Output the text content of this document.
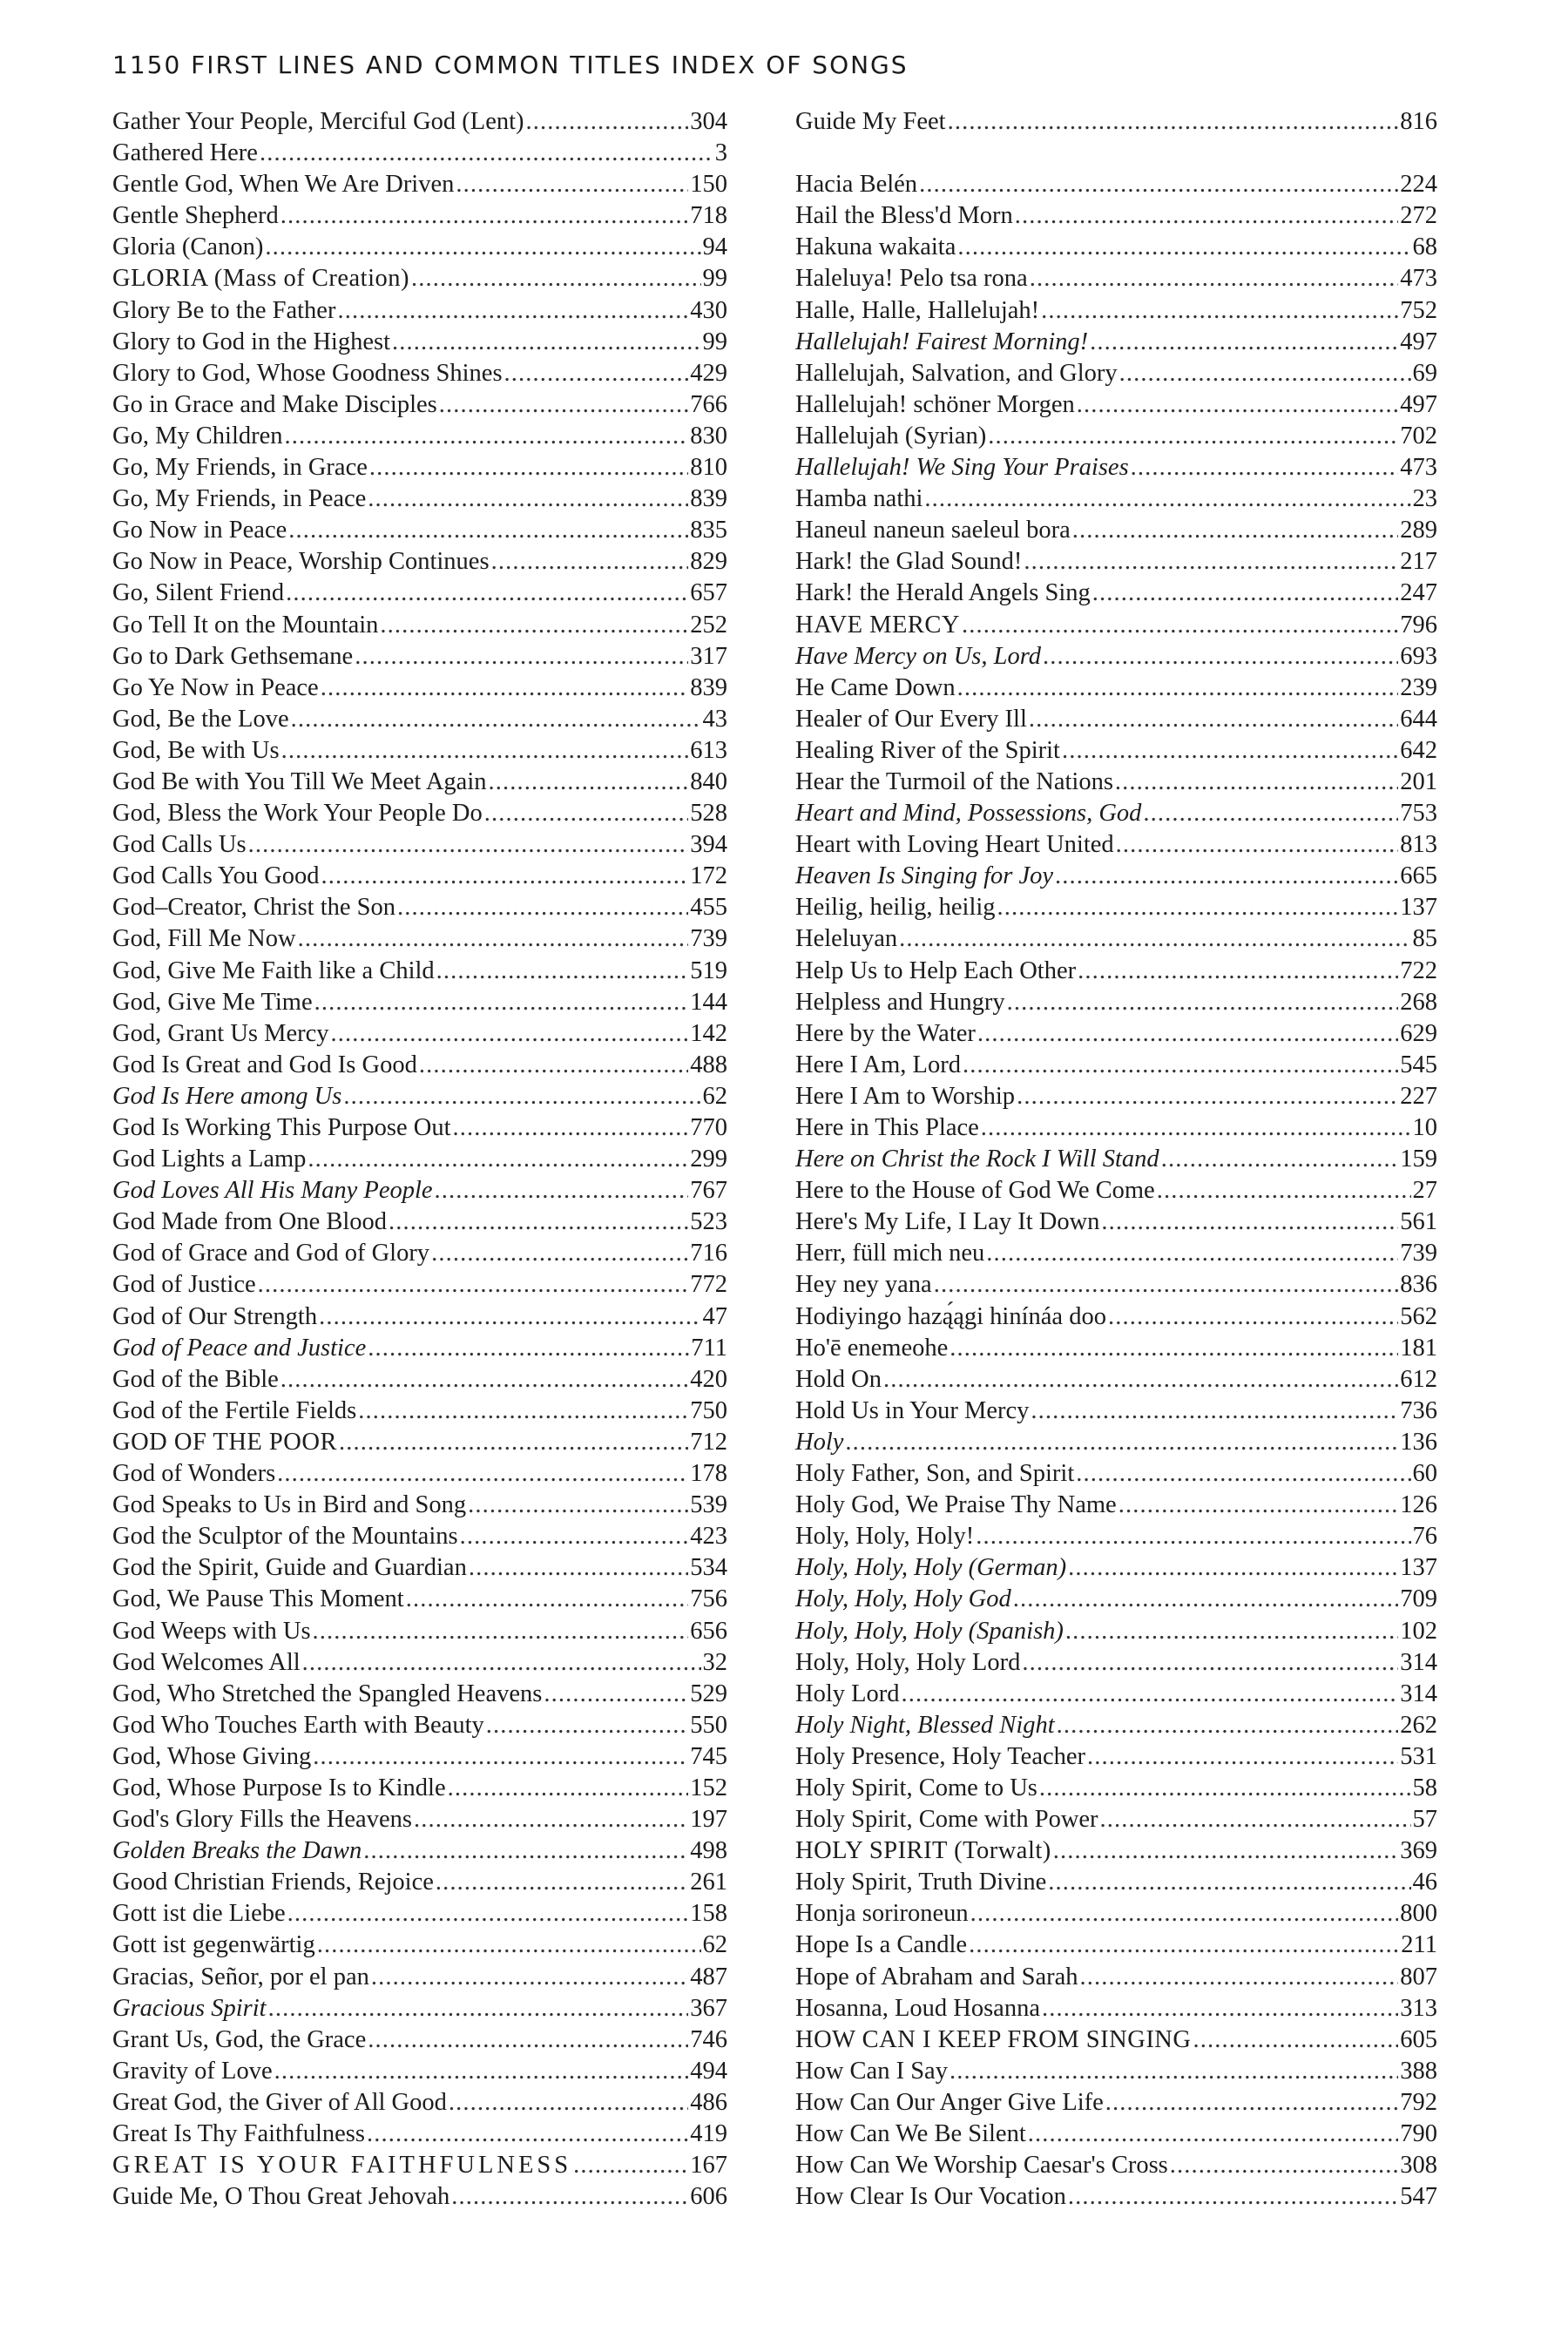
1150 FIRST LINES AND COMMON TITLES INDEX OF SONGS
Gather Your People, Merciful God (Lent) . . .	304
Gathered Here . . .	3
Gentle God, When We Are Driven . . .	150
Gentle Shepherd . . .	718
Gloria (Canon) . . .	94
GLORIA (Mass of Creation) . . .	99
Glory Be to the Father . . .	430
Glory to God in the Highest . . .	99
Glory to God, Whose Goodness Shines . . .	429
Go in Grace and Make Disciples . . .	766
Go, My Children . . .	830
Go, My Friends, in Grace . . .	810
Go, My Friends, in Peace . . .	839
Go Now in Peace . . .	835
Go Now in Peace, Worship Continues . . .	829
Go, Silent Friend . . .	657
Go Tell It on the Mountain . . .	252
Go to Dark Gethsemane . . .	317
Go Ye Now in Peace . . .	839
God, Be the Love . . .	43
God, Be with Us . . .	613
God Be with You Till We Meet Again . . .	840
God, Bless the Work Your People Do . . .	528
God Calls Us . . .	394
God Calls You Good . . .	172
God–Creator, Christ the Son . . .	455
God, Fill Me Now . . .	739
God, Give Me Faith like a Child . . .	519
God, Give Me Time . . .	144
God, Grant Us Mercy . . .	142
God Is Great and God Is Good . . .	488
God Is Here among Us . . .	62
God Is Working This Purpose Out . . .	770
God Lights a Lamp . . .	299
God Loves All His Many People . . .	767
God Made from One Blood . . .	523
God of Grace and God of Glory . . .	716
God of Justice . . .	772
God of Our Strength . . .	47
God of Peace and Justice . . .	711
God of the Bible . . .	420
God of the Fertile Fields . . .	750
GOD OF THE POOR . . .	712
God of Wonders . . .	178
God Speaks to Us in Bird and Song . . .	539
God the Sculptor of the Mountains . . .	423
God the Spirit, Guide and Guardian . . .	534
God, We Pause This Moment . . .	756
God Weeps with Us . . .	656
God Welcomes All . . .	32
God, Who Stretched the Spangled Heavens . . .	529
God Who Touches Earth with Beauty . . .	550
God, Whose Giving . . .	745
God, Whose Purpose Is to Kindle . . .	152
God's Glory Fills the Heavens . . .	197
Golden Breaks the Dawn . . .	498
Good Christian Friends, Rejoice . . .	261
Gott ist die Liebe . . .	158
Gott ist gegenwärtig . . .	62
Gracias, Señor, por el pan . . .	487
Gracious Spirit . . .	367
Grant Us, God, the Grace . . .	746
Gravity of Love . . .	494
Great God, the Giver of All Good . . .	486
Great Is Thy Faithfulness . . .	419
GREAT IS YOUR FAITHFULNESS . . .	167
Guide Me, O Thou Great Jehovah . . .	606
Guide My Feet . . .	816
Hacia Belén . . .	224
Hail the Bless'd Morn . . .	272
Hakuna wakaita . . .	68
Haleluya! Pelo tsa rona . . .	473
Halle, Halle, Hallelujah! . . .	752
Hallelujah! Fairest Morning! . . .	497
Hallelujah, Salvation, and Glory . . .	69
Hallelujah! schöner Morgen . . .	497
Hallelujah (Syrian) . . .	702
Hallelujah! We Sing Your Praises . . .	473
Hamba nathi . . .	23
Haneul naneun saeleul bora . . .	289
Hark! the Glad Sound! . . .	217
Hark! the Herald Angels Sing . . .	247
HAVE MERCY . . .	796
Have Mercy on Us, Lord . . .	693
He Came Down . . .	239
Healer of Our Every Ill . . .	644
Healing River of the Spirit . . .	642
Hear the Turmoil of the Nations . . .	201
Heart and Mind, Possessions, God . . .	753
Heart with Loving Heart United . . .	813
Heaven Is Singing for Joy . . .	665
Heilig, heilig, heilig . . .	137
Heleluyan . . .	85
Help Us to Help Each Other . . .	722
Helpless and Hungry . . .	268
Here by the Water . . .	629
Here I Am, Lord . . .	545
Here I Am to Worship . . .	227
Here in This Place . . .	10
Here on Christ the Rock I Will Stand . . .	159
Here to the House of God We Come . . .	27
Here's My Life, I Lay It Down . . .	561
Herr, füll mich neu . . .	739
Hey ney yana . . .	836
Hodiyingo hazą́ągi hinínáa doo . . .	562
Ho'ē enemeohe . . .	181
Hold On . . .	612
Hold Us in Your Mercy . . .	736
Holy . . .	136
Holy Father, Son, and Spirit . . .	60
Holy God, We Praise Thy Name . . .	126
Holy, Holy, Holy! . . .	76
Holy, Holy, Holy (German) . . .	137
Holy, Holy, Holy God . . .	709
Holy, Holy, Holy (Spanish) . . .	102
Holy, Holy, Holy Lord . . .	314
Holy Lord . . .	314
Holy Night, Blessed Night . . .	262
Holy Presence, Holy Teacher . . .	531
Holy Spirit, Come to Us . . .	58
Holy Spirit, Come with Power . . .	57
HOLY SPIRIT (Torwalt) . . .	369
Holy Spirit, Truth Divine . . .	46
Honja sorironeun . . .	800
Hope Is a Candle . . .	211
Hope of Abraham and Sarah . . .	807
Hosanna, Loud Hosanna . . .	313
HOW CAN I KEEP FROM SINGING . . .	605
How Can I Say . . .	388
How Can Our Anger Give Life . . .	792
How Can We Be Silent . . .	790
How Can We Worship Caesar's Cross . . .	308
How Clear Is Our Vocation . . .	547
